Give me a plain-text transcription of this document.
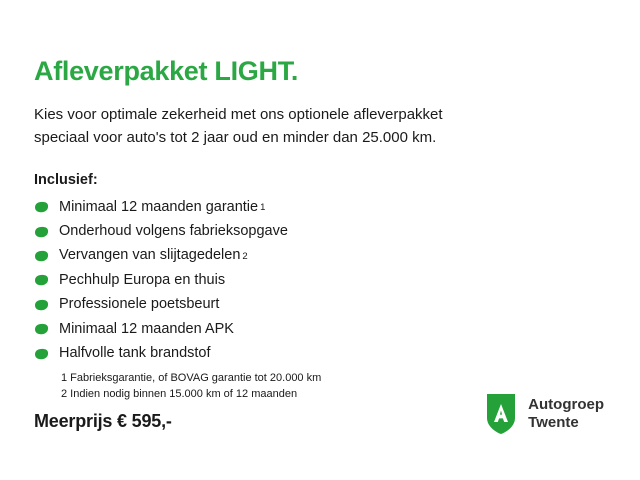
Afleverpakket LIGHT.

Kies voor optimale zekerheid met ons optionele afleverpakket
speciaal voor auto's tot 2 jaar oud en minder dan 25.000 km.

Inclusief:
Minimaal 12 maanden garantie 1
Onderhoud volgens fabrieksopgave
Vervangen van slijtagedelen 2
Pechhulp Europa en thuis
Professionele poetsbeurt
Minimaal 12 maanden APK
Halfvolle tank brandstof
1 Fabrieksgarantie, of BOVAG garantie tot 20.000 km
2 Indien nodig binnen 15.000 km of 12 maanden
Meerprijs € 595,-
Autogroep
Twente
